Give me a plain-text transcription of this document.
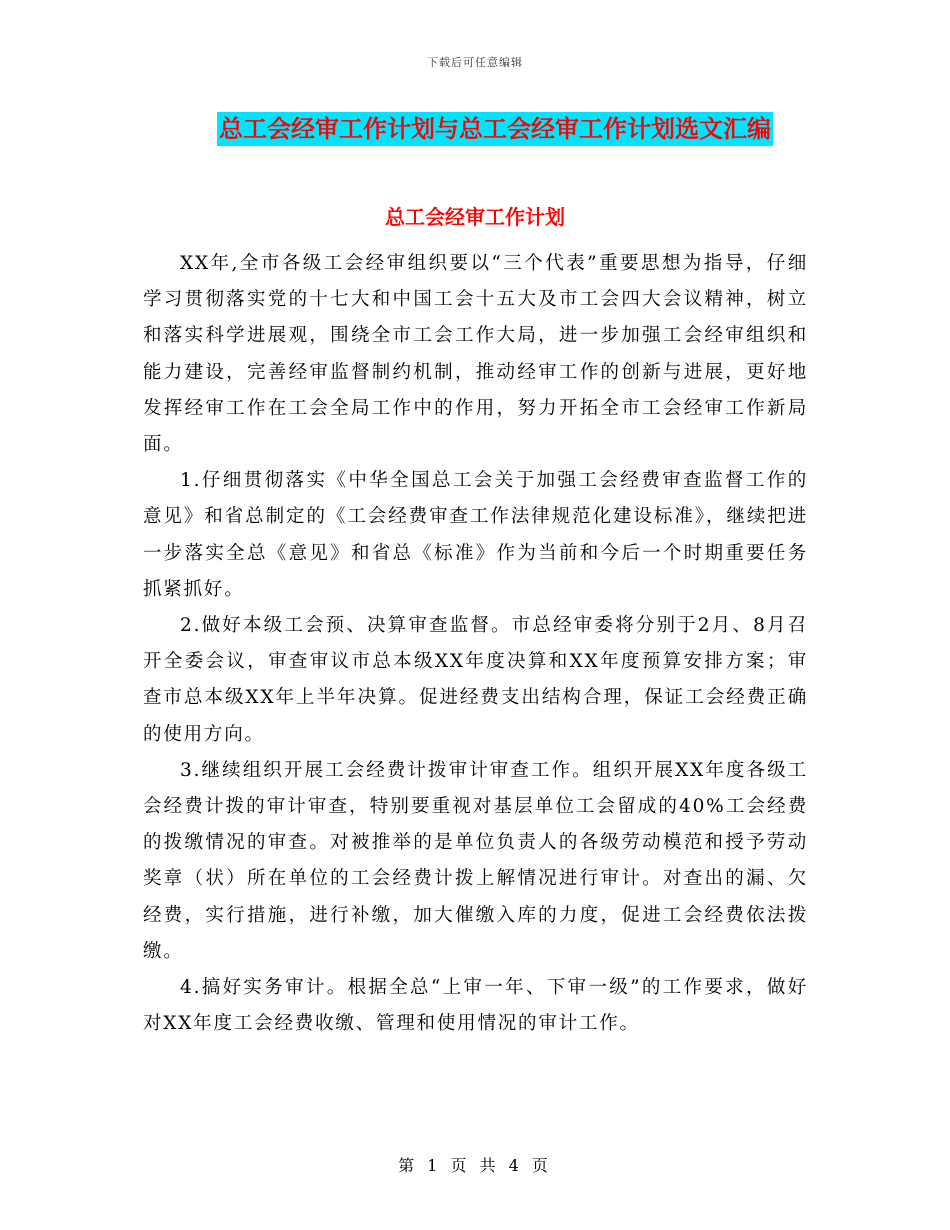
下载后可任意编辑
总工会经审工作计划与总工会经审工作计划选文汇编
总工会经审工作计划

XX年,全市各级工会经审组织要以“三个代表”重要思想为指导，仔细学习贯彻落实党的十七大和中国工会十五大及市工会四大会议精神，树立和落实科学进展观，围绕全市工会工作大局，进一步加强工会经审组织和能力建设，完善经审监督制约机制，推动经审工作的创新与进展，更好地发挥经审工作在工会全局工作中的作用，努力开拓全市工会经审工作新局面。

1.仔细贯彻落实《中华全国总工会关于加强工会经费审查监督工作的意见》和省总制定的《工会经费审查工作法律规范化建设标准》，继续把进一步落实全总《意见》和省总《标准》作为当前和今后一个时期重要任务抓紧抓好。

2.做好本级工会预、决算审查监督。市总经审委将分别于2月、8月召开全委会议，审查审议市总本级XX年度决算和XX年度预算安排方案；审查市总本级XX年上半年决算。促进经费支出结构合理，保证工会经费正确的使用方向。

3.继续组织开展工会经费计拨审计审查工作。组织开展XX年度各级工会经费计拨的审计审查，特别要重视对基层单位工会留成的40%工会经费的拨缴情况的审查。对被推举的是单位负责人的各级劳动模范和授予劳动奖章（状）所在单位的工会经费计拨上解情况进行审计。对查出的漏、欠经费，实行措施，进行补缴，加大催缴入库的力度，促进工会经费依法拨缴。

4.搞好实务审计。根据全总“上审一年、下审一级”的工作要求，做好对XX年度工会经费收缴、管理和使用情况的审计工作。

第 1 页 共 4 页
